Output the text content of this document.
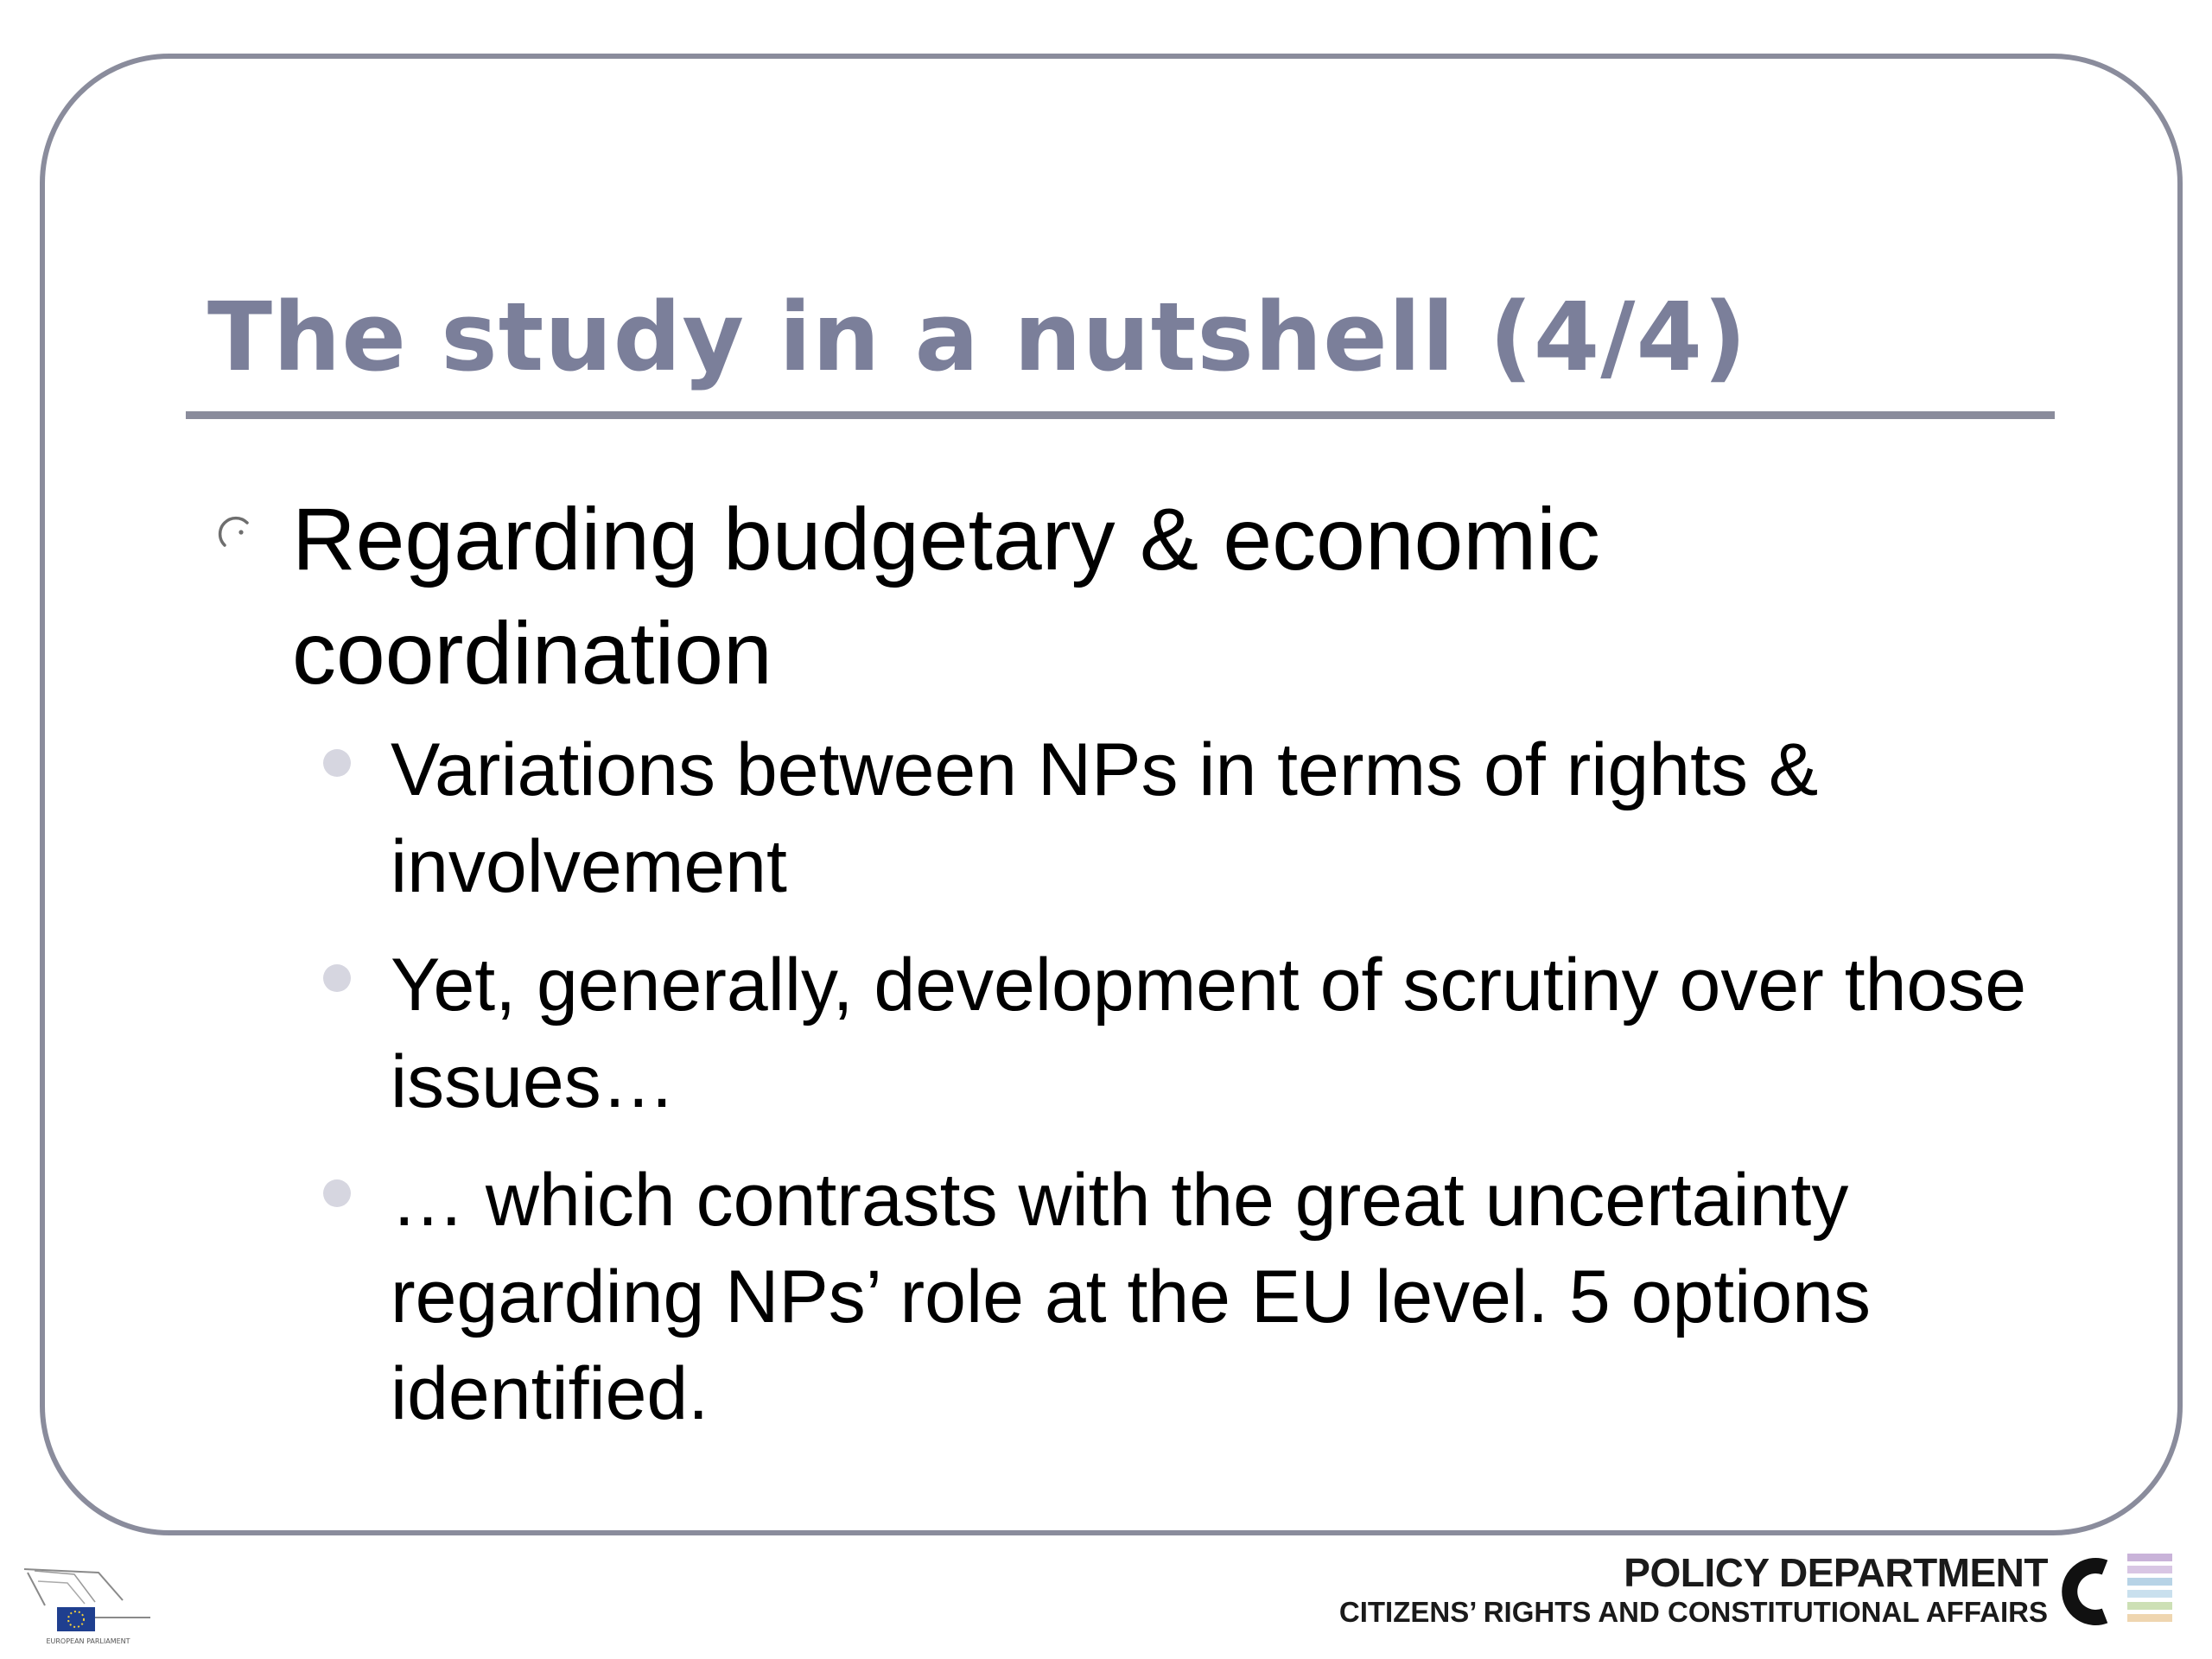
The study in a nutshell (4/4)

Regarding budgetary & economic coordination

Variations between NPs in terms of rights & involvement
Yet, generally, development of scrutiny over those issues…
… which contrasts with the great uncertainty regarding NPs’ role at the EU level. 5 options identified.
EUROPEAN PARLIAMENT
POLICY DEPARTMENT
CITIZENS’ RIGHTS AND CONSTITUTIONAL AFFAIRS
